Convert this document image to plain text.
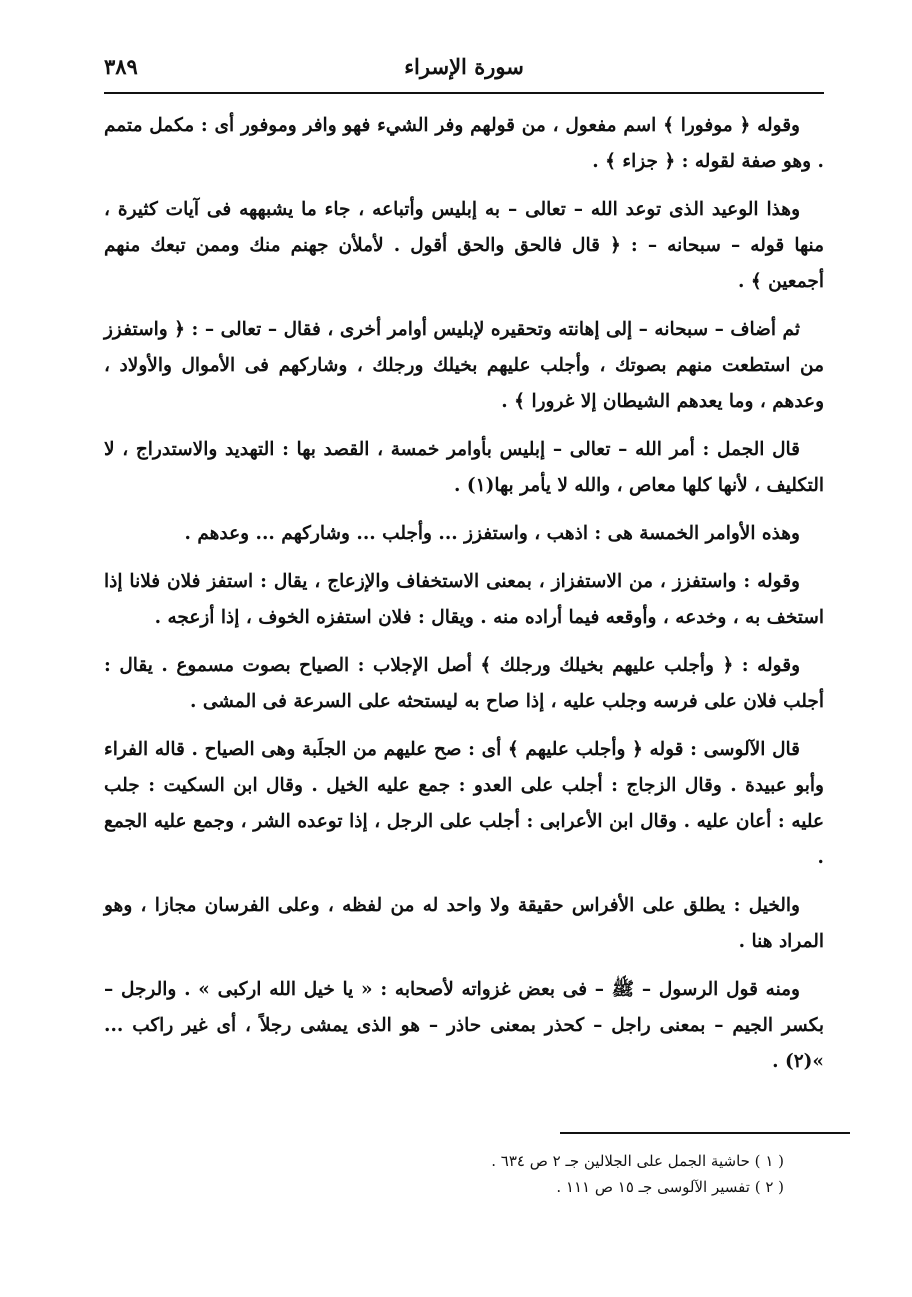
سورة الإسراء
٣٨٩

وقوله ﴿ موفورا ﴾ اسم مفعول ، من قولهم وفر الشيء فهو وافر وموفور أى : مكمل متمم . وهو صفة لقوله : ﴿ جزاء ﴾ .

وهذا الوعيد الذى توعد الله – تعالى – به إبليس وأتباعه ، جاء ما يشبههه فى آيات كثيرة ، منها قوله – سبحانه – : ﴿ قال فالحق والحق أقول . لأملأن جهنم منك وممن تبعك منهم أجمعين ﴾ .

ثم أضاف – سبحانه – إلى إهانته وتحقيره لإبليس أوامر أخرى ، فقال – تعالى – : ﴿ واستفزز من استطعت منهم بصوتك ، وأجلب عليهم بخيلك ورجلك ، وشاركهم فى الأموال والأولاد ، وعدهم ، وما يعدهم الشيطان إلا غرورا ﴾ .

قال الجمل : أمر الله – تعالى – إبليس بأوامر خمسة ، القصد بها : التهديد والاستدراج ، لا التكليف ، لأنها كلها معاص ، والله لا يأمر بها(١) .

وهذه الأوامر الخمسة هى : اذهب ، واستفزز ... وأجلب ... وشاركهم ... وعدهم .

وقوله : واستفزز ، من الاستفزاز ، بمعنى الاستخفاف والإزعاج ، يقال : استفز فلان فلانا إذا استخف به ، وخدعه ، وأوقعه فيما أراده منه . ويقال : فلان استفزه الخوف ، إذا أزعجه .

وقوله : ﴿ وأجلب عليهم بخيلك ورجلك ﴾ أصل الإجلاب : الصياح بصوت مسموع . يقال : أجلب فلان على فرسه وجلب عليه ، إذا صاح به ليستحثه على السرعة فى المشى .

قال الآلوسى : قوله ﴿ وأجلب عليهم ﴾ أى : صح عليهم من الجلَبة وهى الصياح . قاله الفراء وأبو عبيدة . وقال الزجاج : أجلب على العدو : جمع عليه الخيل . وقال ابن السكيت : جلب عليه : أعان عليه . وقال ابن الأعرابى : أجلب على الرجل ، إذا توعده الشر ، وجمع عليه الجمع .

والخيل : يطلق على الأفراس حقيقة ولا واحد له من لفظه ، وعلى الفرسان مجازا ، وهو المراد هنا .

ومنه قول الرسول – ﷺ – فى بعض غزواته لأصحابه : « يا خيل الله اركبى » . والرجل – بكسر الجيم – بمعنى راجل – كحذر بمعنى حاذر – هو الذى يمشى رجلاً ، أى غير راكب ... »(٢) .

( ١ ) حاشية الجمل على الجلالين جـ ٢ ص ٦٣٤ .

( ٢ ) تفسير الآلوسى جـ ١٥ ص ١١١ .
